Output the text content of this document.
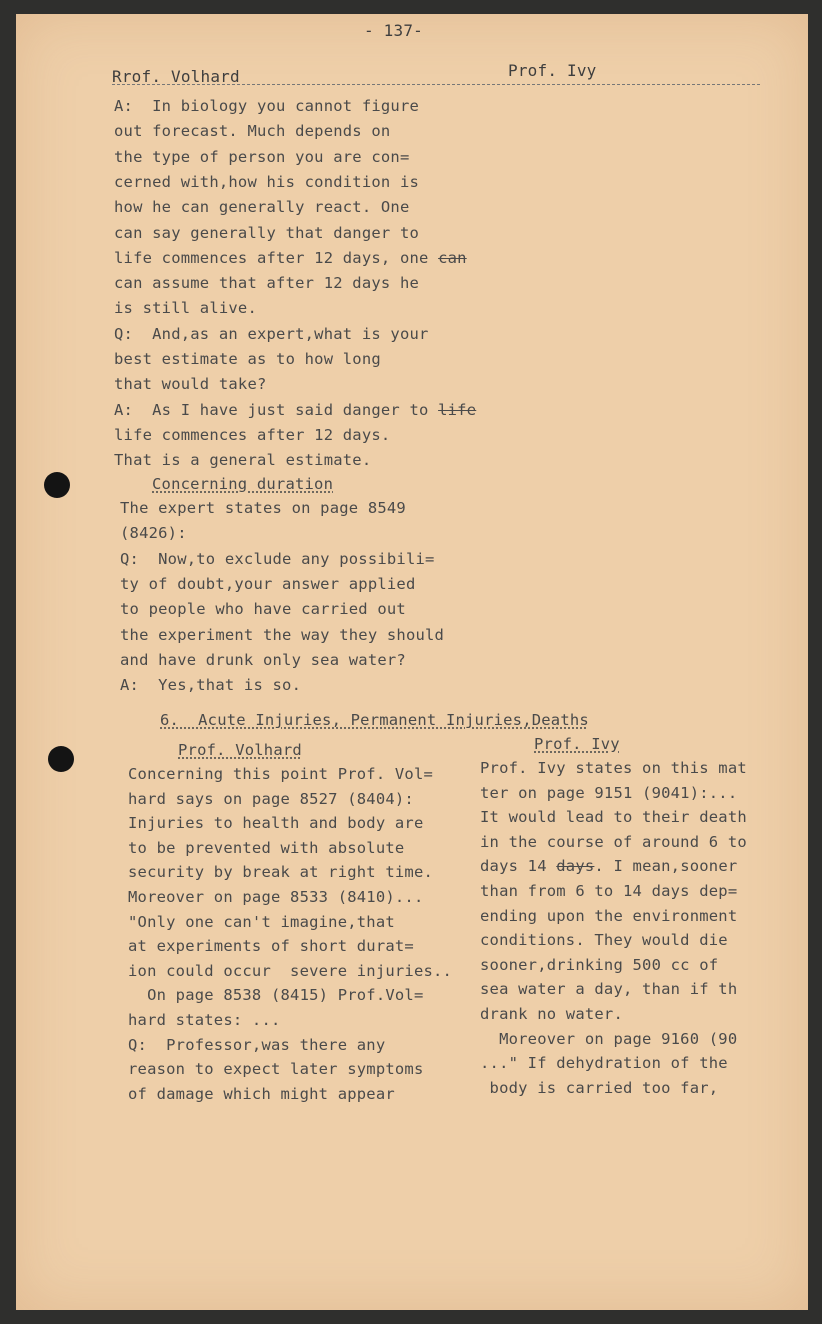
- 137-
Rrof. Volhard	Prof. Ivy
A:  In biology you cannot figure
out forecast. Much depends on
the type of person you are con=
cerned with,how his condition is
how he can generally react. One
can say generally that danger to
life commences after 12 days, one can
can assume that after 12 days he
is still alive.
Q:  And,as an expert,what is your
best estimate as to how long
that would take?
A:  As I have just said danger to life
life commences after 12 days.
That is a general estimate.
Concerning duration
The expert states on page 8549
(8426):
Q:  Now,to exclude any possibili=
ty of doubt,your answer applied
to people who have carried out
the experiment the way they should
and have drunk only sea water?
A:  Yes,that is so.
6.  Acute Injuries, Permanent Injuries,Deaths
Prof. Volhard	Prof. Ivy
Concerning this point Prof. Vol=
hard says on page 8527 (8404):
Injuries to health and body are
to be prevented with absolute
security by break at right time.
Moreover on page 8533 (8410)...
"Only one can't imagine,that
at experiments of short durat=
ion could occur  severe injuries..
On page 8538 (8415) Prof.Vol=
hard states: ...
Q:  Professor,was there any
reason to expect later symptoms
of damage which might appear
Prof. Ivy states on this mat
ter on page 9151 (9041):...
It would lead to their death
in the course of around 6 to
days 14 days. I mean,sooner
than from 6 to 14 days dep=
ending upon the environment
conditions. They would die
sooner,drinking 500 cc of
sea water a day, than if th
drank no water.
Moreover on page 9160 (90
..." If dehydration of the
body is carried too far,
